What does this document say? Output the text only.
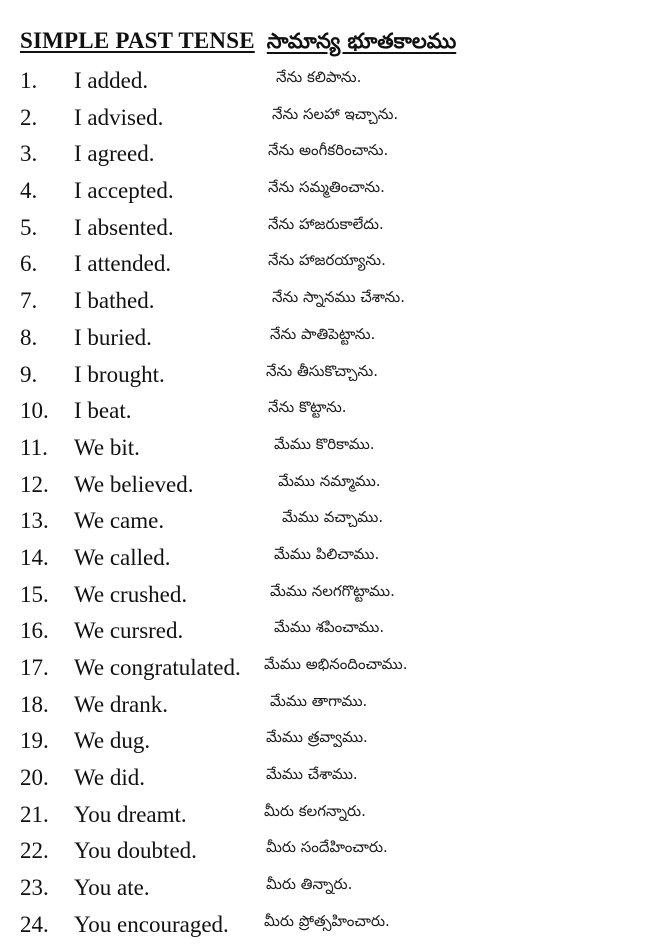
SIMPLE PAST TENSE సామాన్య భూతకాలము
1. I added.	నేను కలిపాను.
2. I advised.	నేను సలహా ఇచ్చాను.
3. I agreed.	నేను అంగీకరించాను.
4. I accepted.	నేను సమ్మతించాను.
5. I absented.	నేను హాజరుకాలేదు.
6. I attended.	నేను హాజరయ్యాను.
7. I bathed.	నేను స్నానము చేశాను.
8. I buried.	నేను పాతిపెట్టాను.
9. I brought.	నేను తీసుకొచ్చాను.
10. I beat.	నేను కొట్టాను.
11. We bit.	మేము కొరికాము.
12. We believed.	మేము నమ్మాము.
13. We came.	మేము వచ్చాము.
14. We called.	మేము పిలిచాము.
15. We crushed.	మేము నలగగొట్టాము.
16. We cursred.	మేము శపించాము.
17. We congratulated. మేము అభినందించాము.
18. We drank.	మేము తాగాము.
19. We dug.	మేము త్రవ్వాము.
20. We did.	మేము చేశాము.
21. You dreamt.	మీరు కలగన్నారు.
22. You doubted.	మీరు సందేహించారు.
23. You ate.	మీరు తిన్నారు.
24. You encouraged. మీరు ప్రోత్సహించారు.
